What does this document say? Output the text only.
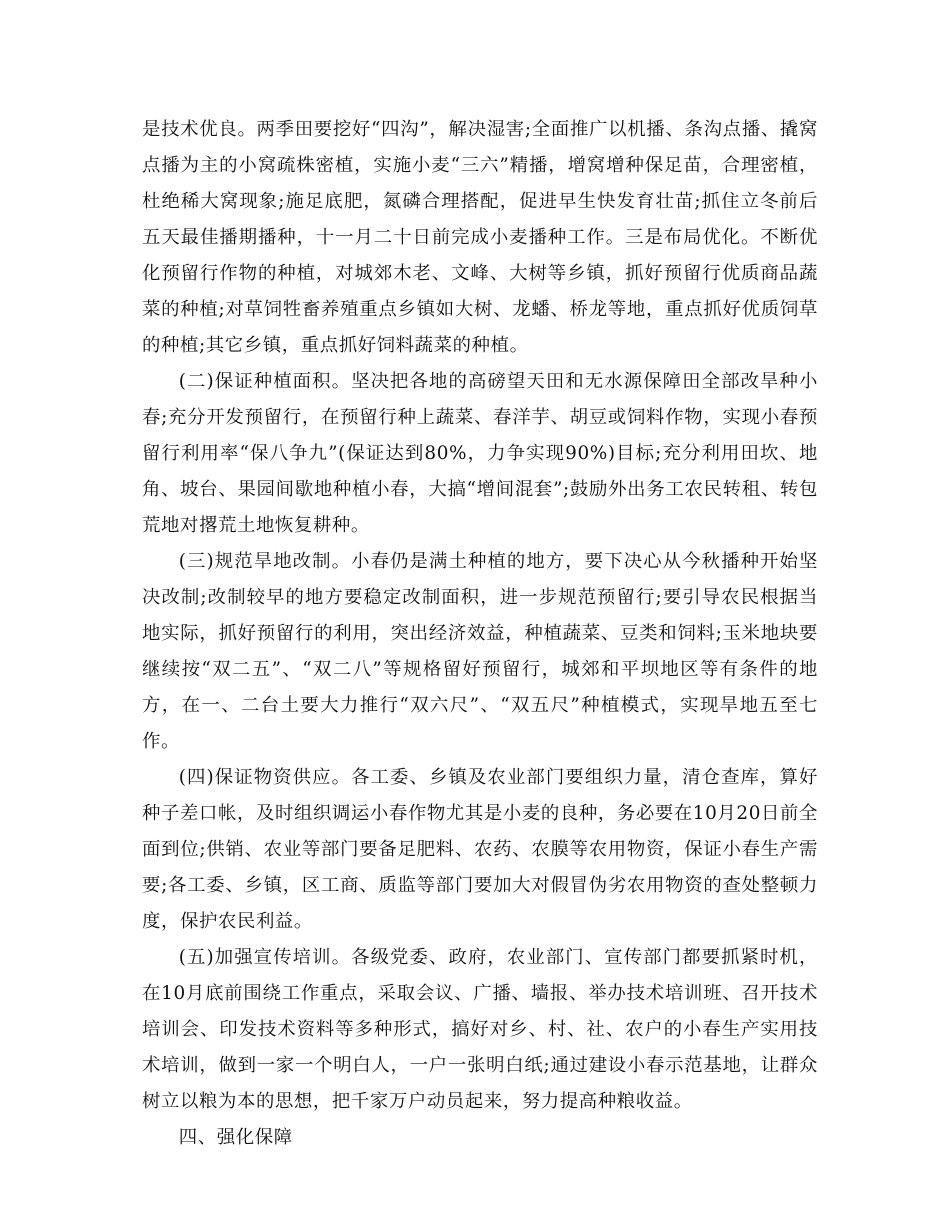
是技术优良。两季田要挖好“四沟”，解决湿害;全面推广以机播、条沟点播、撬窝点播为主的小窝疏株密植，实施小麦“三六”精播，增窝增种保足苗，合理密植，杜绝稀大窝现象;施足底肥，氮磷合理搭配，促进早生快发育壮苗;抓住立冬前后五天最佳播期播种，十一月二十日前完成小麦播种工作。三是布局优化。不断优化预留行作物的种植，对城郊木老、文峰、大树等乡镇，抓好预留行优质商品蔬菜的种植;对草饲牲畜养殖重点乡镇如大树、龙蟠、桥龙等地，重点抓好优质饲草的种植;其它乡镇，重点抓好饲料蔬菜的种植。

(二)保证种植面积。坚决把各地的高磅望天田和无水源保障田全部改旱种小春;充分开发预留行，在预留行种上蔬菜、春洋芋、胡豆或饲料作物，实现小春预留行利用率“保八争九”(保证达到80%，力争实现90%)目标;充分利用田坎、地角、坡台、果园间歇地种植小春，大搞“增间混套”;鼓励外出务工农民转租、转包荒地对撂荒土地恢复耕种。

(三)规范旱地改制。小春仍是满土种植的地方，要下决心从今秋播种开始坚决改制;改制较早的地方要稳定改制面积，进一步规范预留行;要引导农民根据当地实际，抓好预留行的利用，突出经济效益，种植蔬菜、豆类和饲料;玉米地块要继续按“双二五”、“双二八”等规格留好预留行，城郊和平坝地区等有条件的地方，在一、二台土要大力推行“双六尺”、“双五尺”种植模式，实现旱地五至七作。

(四)保证物资供应。各工委、乡镇及农业部门要组织力量，清仓查库，算好种子差口帐，及时组织调运小春作物尤其是小麦的良种，务必要在10月20日前全面到位;供销、农业等部门要备足肥料、农药、农膜等农用物资，保证小春生产需要;各工委、乡镇，区工商、质监等部门要加大对假冒伪劣农用物资的查处整顿力度，保护农民利益。

(五)加强宣传培训。各级党委、政府，农业部门、宣传部门都要抓紧时机，在10月底前围绕工作重点，采取会议、广播、墙报、举办技术培训班、召开技术培训会、印发技术资料等多种形式，搞好对乡、村、社、农户的小春生产实用技术培训，做到一家一个明白人，一户一张明白纸;通过建设小春示范基地，让群众树立以粮为本的思想，把千家万户动员起来，努力提高种粮收益。

四、强化保障
